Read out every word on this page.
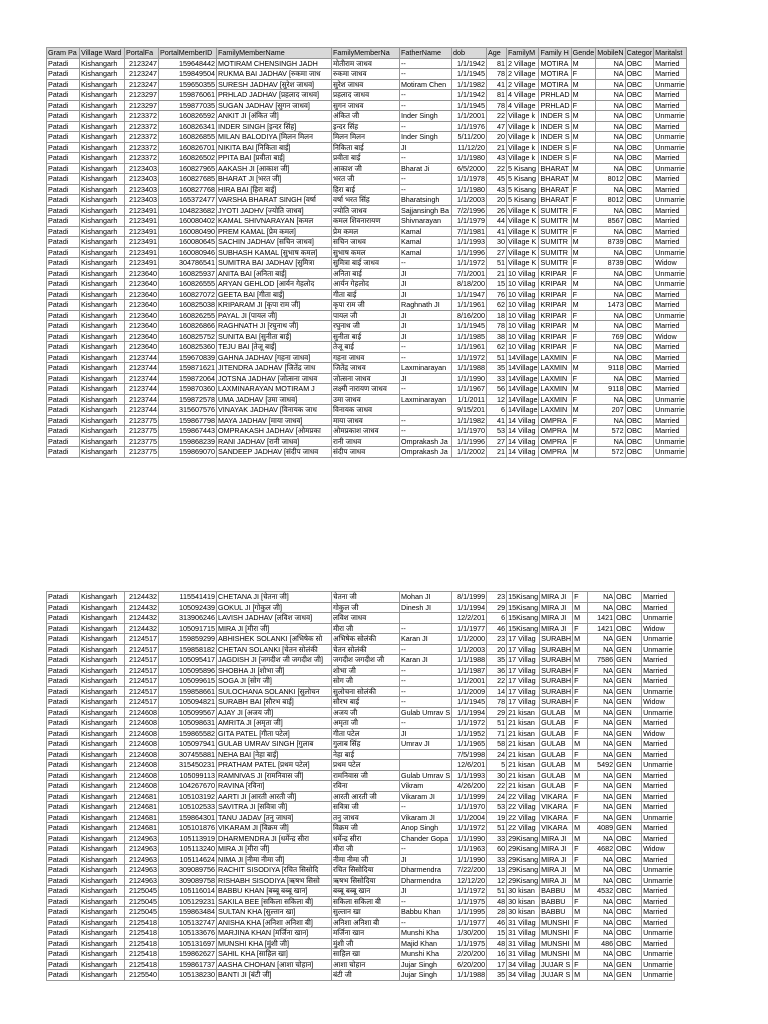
Gram Pa	Village Ward	PortalFa	PortalMemberID	FamilyMemberName	FamilyMemberNa	FatherName	dob	Age	FamilyM	Family H	Gende	MobileN	Categor	Maritalst
Patadi	Kishangarh	2123247	159648442	MOTIRAM CHENSINGH JADH	मोतीराम जाधव	--	1/1/1942	81	2 Village	MOTIRA	M	NA	OBC	Married
Patadi	Kishangarh	2123247	159849504	RUKMA BAI JADHAV [रुकमा जाध	रुकमा जाधव	--	1/1/1945	78	2 Village	MOTIRA	F	NA	OBC	Married
Patadi	Kishangarh	2123247	159650355	SURESH JADHAV [सुरेश जाधव]	सुरेश जाधव	Motiram Chen	1/1/1982	41	2 Village	MOTIRA	M	NA	OBC	Unmarrie
Patadi	Kishangarh	2123297	159876061	PRHLAD JADHAV [प्रहलाद जाधव]	प्रहलाद जाधव	--	1/1/1942	81	4 Village	PRHLAD	M	NA	OBC	Married
Patadi	Kishangarh	2123297	159877035	SUGAN JADHAV [सुगन जाधव]	सुगन जाधव	--	1/1/1945	78	4 Village	PRHLAD	F	NA	OBC	Married
Patadi	Kishangarh	2123372	160826592	ANKIT JI [अंकित जी]	अंकित जी	Inder Singh	1/1/2001	22	Village k	INDER S	M	NA	OBC	Unmarrie
Patadi	Kishangarh	2123372	160826341	INDER SINGH [इन्दर सिंह]	इन्दर सिंह	--	1/1/1976	47	Village k	INDER S	M	NA	OBC	Married
Patadi	Kishangarh	2123372	160826855	MILAN BALODIYA [मिलन मिलन	मिलन मिलन	Inder Singh	5/11/200	20	Village k	INDER S	M	NA	OBC	Unmarrie
Patadi	Kishangarh	2123372	160826701	NIKITA BAI [निकिता बाई]	निकिता बाई	JI	11/12/20	21	Village k	INDER S	F	NA	OBC	Unmarrie
Patadi	Kishangarh	2123372	160826502	PPITA BAI [प्रवीता बाई]	प्रवीता बाई	--	1/1/1980	43	Village k	INDER S	F	NA	OBC	Married
Patadi	Kishangarh	2123403	160827965	AAKASH JI [आकाश जी]	आकाश जी	Bharat Ji	6/5/2000	22	5 Kisang	BHARAT	M	NA	OBC	Unmarrie
Patadi	Kishangarh	2123403	160827685	BHARAT JI [भरत जी]	भरत जी	--	1/1/1978	45	5 Kisang	BHARAT	M	8012	OBC	Married
Patadi	Kishangarh	2123403	160827768	HIRA BAI [हिरा बाई]	हिरा बाई	--	1/1/1980	43	5 Kisang	BHARAT	F	NA	OBC	Married
Patadi	Kishangarh	2123403	165372477	VARSHA BHARAT SINGH [वर्षा	वर्षा भरत सिंह	Bharatsingh	1/1/2003	20	5 Kisang	BHARAT	F	8012	OBC	Unmarrie
Patadi	Kishangarh	2123491	104823682	JYOTI JADHV [ज्योति जाधव]	ज्योति जाधव	Sajjansingh Ba	7/2/1996	26	Village K	SUMITR	F	NA	OBC	Married
Patadi	Kishangarh	2123491	160080402	KAMAL SHIVNARAYAN [कमल	कमल शिवनारायण	Shivnarayan	1/1/1979	44	Village K	SUMITR	M	8567	OBC	Married
Patadi	Kishangarh	2123491	160080490	PREM KAMAL [प्रेम कमल]	प्रेम कमल	Kamal	7/1/1981	41	Village K	SUMITR	F	NA	OBC	Married
Patadi	Kishangarh	2123491	160080645	SACHIN JADHAV [सचिन जाधव]	सचिन जाधव	Kamal	1/1/1993	30	Village K	SUMITR	M	8739	OBC	Married
Patadi	Kishangarh	2123491	160080946	SUBHASH KAMAL [सुभाष कमल]	सुभाष कमल	Kamal	1/1/1996	27	Village K	SUMITR	M	NA	OBC	Unmarrie
Patadi	Kishangarh	2123491	304786541	SUMITRA BAI JADHAV [सुमित्रा	सुमित्रा बाई जाधव	--	1/1/1972	51	Village K	SUMITR	F	8739	OBC	Widow
Patadi	Kishangarh	2123640	160825937	ANITA BAI [अनिता बाई]	अनिता बाई	JI	7/1/2001	21	10 Villag	KRIPAR	F	NA	OBC	Unmarrie
Patadi	Kishangarh	2123640	160826555	ARYAN GEHLOD [आर्यन गेहलोद	आर्यन गेहलोद	JI	8/18/200	15	10 Villag	KRIPAR	M	NA	OBC	Unmarrie
Patadi	Kishangarh	2123640	160827072	GEETA BAI [गीता बाई]	गीता बाई	JI	1/1/1947	76	10 Villag	KRIPAR	F	NA	OBC	Married
Patadi	Kishangarh	2123640	160825038	KRIPARAM JI [कृपा राम जी]	कृपा राम जी	Raghnath JI	1/1/1961	62	10 Villag	KRIPAR	M	1473	OBC	Married
Patadi	Kishangarh	2123640	160826255	PAYAL JI [पायल जी]	पायल जी	JI	8/16/200	18	10 Villag	KRIPAR	F	NA	OBC	Unmarrie
Patadi	Kishangarh	2123640	160826866	RAGHNATH JI [रघुनाथ जी]	रघुनाथ जी	JI	1/1/1945	78	10 Villag	KRIPAR	M	NA	OBC	Married
Patadi	Kishangarh	2123640	160825752	SUNITA BAI [सुनीता बाई]	सुनीता बाई	JI	1/1/1985	38	10 Villag	KRIPAR	F	769	OBC	Widow
Patadi	Kishangarh	2123640	160825360	TEJU BAI [तेजू बाई]	तेजू बाई	--	1/1/1961	62	10 Villag	KRIPAR	F	NA	OBC	Married
Patadi	Kishangarh	2123744	159670839	GAHNA JADHAV [गहना जाधव]	गहना जाधव	--	1/1/1972	51	14Village	LAXMIN	F	NA	OBC	Married
Patadi	Kishangarh	2123744	159871621	JITENDRA JADHAV [जितेंद्र जाध	जितेंद्र जाधव	Laxminarayan	1/1/1988	35	14Village	LAXMIN	M	9118	OBC	Married
Patadi	Kishangarh	2123744	159872064	JOTSNA JADHAV [जोत्सना जाधव	जोत्सना जाधव	JI	1/1/1990	33	14Village	LAXMIN	F	NA	OBC	Married
Patadi	Kishangarh	2123744	159870360	LAXMINARAYAN MOTIRAM J	लक्ष्मी नारायण जाधव	--	1/1/1967	56	14Village	LAXMIN	M	9118	OBC	Married
Patadi	Kishangarh	2123744	159872578	UMA JADHAV [उमा जाधव]	उमा जाधव	Laxminarayan	1/1/2011	12	14Village	LAXMIN	F	NA	OBC	Unmarrie
Patadi	Kishangarh	2123744	315607576	VINAYAK JADHAV [विनायक जाध	विनायक जाधव		9/15/201	6	14Village	LAXMIN	M	207	OBC	Unmarrie
Patadi	Kishangarh	2123775	159867798	MAYA JADHAV [माया जाधव]	माया जाधव	--	1/1/1982	41	14 Villag	OMPRA	F	NA	OBC	Married
Patadi	Kishangarh	2123775	159867443	OMPRAKASH JADHAV [ओमप्रका	ओमप्रकाश जाधव	--	1/1/1970	53	14 Villag	OMPRA	M	572	OBC	Married
Patadi	Kishangarh	2123775	159868239	RANI JADHAV [रानी जाधव]	रानी जाधव	Omprakash Ja	1/1/1996	27	14 Villag	OMPRA	F	NA	OBC	Unmarrie
Patadi	Kishangarh	2123775	159869070	SANDEEP JADHAV [संदीप जाधव	संदीप जाधव	Omprakash Ja	1/1/2002	21	14 Villag	OMPRA	M	572	OBC	Unmarrie
Patadi	Kishangarh	2124432	115541419	CHETANA JI [चेतना जी]	चेतना जी	Mohan JI	8/1/1999	23	15Kisang	MIRA JI	F	NA	OBC	Married
Patadi	Kishangarh	2124432	105092439	GOKUL JI [गोकुल जी]	गोकुल जी	Dinesh JI	1/1/1994	29	15Kisang	MIRA JI	M	NA	OBC	Married
Patadi	Kishangarh	2124432	313906246	LAVISH JADHAV [लविश जाधव]	लविश जाधव		12/2/201	6	15Kisang	MIRA JI	M	1421	OBC	Unmarrie
Patadi	Kishangarh	2124432	105091715	MIRA JI [मीरा जी]	मीरा जी	--	1/1/1977	46	15Kisang	MIRA JI	F	1421	OBC	Widow
Patadi	Kishangarh	2124517	159859299	ABHISHEK SOLANKI [अभिषेक सो	अभिषेक सोलंकी	Karan JI	1/1/2000	23	17 Villag	SURABH	M	NA	GEN	Unmarrie
Patadi	Kishangarh	2124517	159858182	CHETAN SOLANKI [चेतन सोलंकी	चेतन सोलंकी	--	1/1/2003	20	17 Villag	SURABH	M	NA	GEN	Unmarrie
Patadi	Kishangarh	2124517	105095417	JAGDISH JI [जगदीश जी जगदीश जी]	जगदीश जगदीश जी	Karan JI	1/1/1988	35	17 Villag	SURABH	M	7586	GEN	Married
Patadi	Kishangarh	2124517	105095896	SHOBHA JI [शोभा जी]	शोभा जी	--	1/1/1987	36	17 Villag	SURABH	F	NA	GEN	Married
Patadi	Kishangarh	2124517	105099615	SOGA JI [सोग जी]	सोग जी	--	1/1/2001	22	17 Villag	SURABH	F	NA	GEN	Married
Patadi	Kishangarh	2124517	159858661	SULOCHANA SOLANKI [सुलोचन	सुलोचना सोलंकी	--	1/1/2009	14	17 Villag	SURABH	F	NA	GEN	Unmarrie
Patadi	Kishangarh	2124517	105094821	SURABH BAI [सौरभ बाई]	सौरभ बाई	--	1/1/1945	78	17 Villag	SURABH	F	NA	GEN	Widow
Patadi	Kishangarh	2124608	105099567	AJAY JI [अजय जी]	अजय जी	Gulab Umrav S	1/1/1994	29	21 kisan	GULAB	M	NA	GEN	Unmarrie
Patadi	Kishangarh	2124608	105098631	AMRITA JI [अमृता जी]	अमृता जी	--	1/1/1972	51	21 kisan	GULAB	F	NA	GEN	Married
Patadi	Kishangarh	2124608	159865582	GITA PATEL [गीता पटेल]	गीता पटेल	JI	1/1/1952	71	21 kisan	GULAB	F	NA	GEN	Widow
Patadi	Kishangarh	2124608	105097941	GULAB UMRAV SINGH [गुलाब	गुलाब सिंह	Umrav JI	1/1/1965	58	21 kisan	GULAB	M	NA	GEN	Married
Patadi	Kishangarh	2124608	307455881	NEHA BAI [नेहा बाई]	नेहा बाई		7/5/1998	24	21 kisan	GULAB	F	NA	GEN	Married
Patadi	Kishangarh	2124608	315450231	PRATHAM PATEL [प्रथम पटेल]	प्रथम पटेल		12/6/201	5	21 kisan	GULAB	M	5492	GEN	Unmarrie
Patadi	Kishangarh	2124608	105099113	RAMNIVAS JI [रामनिवास जी]	रामनिवास जी	Gulab Umrav S	1/1/1993	30	21 kisan	GULAB	M	NA	GEN	Married
Patadi	Kishangarh	2124608	104267670	RAVINA [रविना]	रविना	Vikram	4/26/200	22	21 kisan	GULAB	F	NA	GEN	Married
Patadi	Kishangarh	2124681	105103192	AARTI JI [आरती आरती जी]	आरती आरती जी	Vikaram JI	1/1/1999	24	22 Villag	VIKARA	F	NA	GEN	Married
Patadi	Kishangarh	2124681	105102533	SAVITRA JI [सवित्रा जी]	सवित्रा जी	--	1/1/1970	53	22 Villag	VIKARA	F	NA	GEN	Married
Patadi	Kishangarh	2124681	159864301	TANU JADAV [तनु जाधव]	तनु जाधव	Vikaram JI	1/1/2004	19	22 Villag	VIKARA	F	NA	GEN	Unmarrie
Patadi	Kishangarh	2124681	105101876	VIKARAM JI [विक्रम जी]	विक्रम जी	Anop Singh	1/1/1972	51	22 Villag	VIKARA	M	4089	GEN	Married
Patadi	Kishangarh	2124963	105113919	DHARMENDRA JI [धर्मेन्द्र सीरा	धर्मेन्द्र सीरा	Chander Gopa	1/1/1990	33	29Kisang	MIRA JI	M	NA	OBC	Married
Patadi	Kishangarh	2124963	105113240	MIRA JI [मीरा जी]	मीरा जी	--	1/1/1963	60	29Kisang	MIRA JI	F	4682	OBC	Widow
Patadi	Kishangarh	2124963	105114624	NIMA JI [नीमा नीमा जी]	नीमा नीमा जी	JI	1/1/1990	33	29Kisang	MIRA JI	F	NA	OBC	Married
Patadi	Kishangarh	2124963	309089756	RACHIT SISODIYA [रचित सिसोदि	रचित सिसोदिया	Dharmendra	7/22/200	13	29Kisang	MIRA JI	M	NA	OBC	Unmarrie
Patadi	Kishangarh	2124963	309089758	RISHABH SISODIYA [ऋषभ सिसो	ऋषभ सिसोदिया	Dharmendra	12/12/20	12	29Kisang	MIRA JI	M	NA	OBC	Unmarrie
Patadi	Kishangarh	2125045	105116014	BABBU KHAN [बब्बू बब्बू खान]	बब्बू बब्बू खान	JI	1/1/1972	51	30 kisan	BABBU	M	4532	OBC	Married
Patadi	Kishangarh	2125045	105129231	SAKILA BEE [सकिला सकिला बी]	सकिला सकिला बी	--	1/1/1975	48	30 kisan	BABBU	F	NA	OBC	Married
Patadi	Kishangarh	2125045	159863484	SULTAN KHA [सुल्तान खा]	सुल्तान खा	Babbu Khan	1/1/1995	28	30 kisan	BABBU	M	NA	OBC	Married
Patadi	Kishangarh	2125418	105132747	ANISHA KHA [अनिशा अनिशा बी]	अनिशा अनिशा बी	--	1/1/1977	46	31 Villag	MUNSHI	F	NA	OBC	Married
Patadi	Kishangarh	2125418	105133676	MARJINA KHAN [मर्जिना खान]	मर्जिना खान	Munshi Kha	1/30/200	15	31 Villag	MUNSHI	F	NA	OBC	Unmarrie
Patadi	Kishangarh	2125418	105131697	MUNSHI KHA [मुंशी जी]	मुंशी जी	Majid Khan	1/1/1975	48	31 Villag	MUNSHI	M	486	OBC	Married
Patadi	Kishangarh	2125418	159862627	SAHIL KHA [साहिल खा]	साहिल खा	Munshi Kha	2/20/200	16	31 Villag	MUNSHI	M	NA	OBC	Unmarrie
Patadi	Kishangarh	2125418	159861737	AASHA CHOHAN [आशा चोहान]	आशा चोहान	Jujar Singh	6/20/200	17	34 Villag	JUJAR S	F	NA	GEN	Unmarrie
Patadi	Kishangarh	2125540	105138230	BANTI JI [बंटी जी]	बंटी जी	Jujar Singh	1/1/1988	35	34 Villag	JUJAR S	M	NA	GEN	Unmarrie
